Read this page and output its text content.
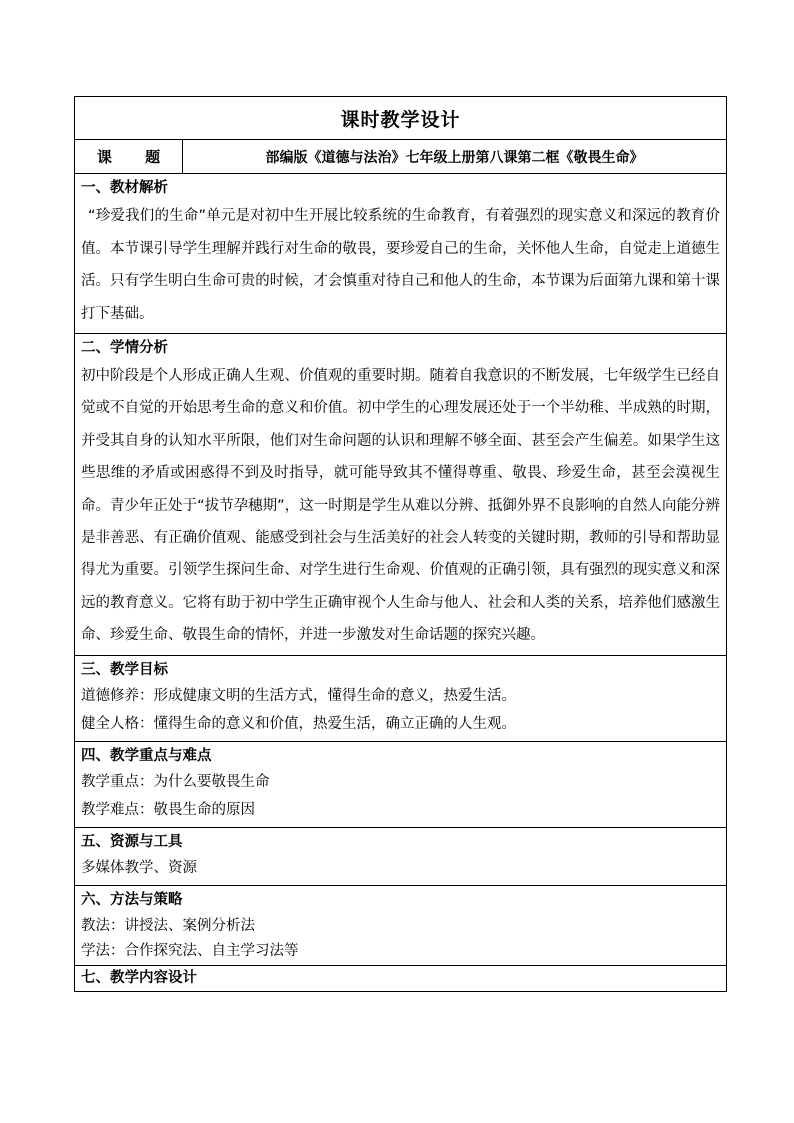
课时教学设计
课 题	部编版《道德与法治》七年级上册第八课第二框《敬畏生命》
一、教材解析

“珍爱我们的生命”单元是对初中生开展比较系统的生命教育，有着强烈的现实意义和深远的教育价值。本节课引导学生理解并践行对生命的敬畏，要珍爱自己的生命，关怀他人生命，自觉走上道德生活。只有学生明白生命可贵的时候，才会慎重对待自己和他人的生命，本节课为后面第九课和第十课打下基础。

二、学情分析

初中阶段是个人形成正确人生观、价值观的重要时期。随着自我意识的不断发展，七年级学生已经自觉或不自觉的开始思考生命的意义和价值。初中学生的心理发展还处于一个半幼稚、半成熟的时期，并受其自身的认知水平所限，他们对生命问题的认识和理解不够全面、甚至会产生偏差。如果学生这些思维的矛盾或困惑得不到及时指导，就可能导致其不懂得尊重、敬畏、珍爱生命，甚至会漠视生命。青少年正处于“拔节孕穗期”，这一时期是学生从难以分辨、抵御外界不良影响的自然人向能分辨是非善恶、有正确价值观、能感受到社会与生活美好的社会人转变的关键时期，教师的引导和帮助显得尤为重要。引领学生探问生命、对学生进行生命观、价值观的正确引领，具有强烈的现实意义和深远的教育意义。它将有助于初中学生正确审视个人生命与他人、社会和人类的关系，培养他们感激生命、珍爱生命、敬畏生命的情怀，并进一步激发对生命话题的探究兴趣。

三、教学目标

道德修养：形成健康文明的生活方式，懂得生命的意义，热爱生活。

健全人格：懂得生命的意义和价值，热爱生活，确立正确的人生观。

四、教学重点与难点

教学重点：为什么要敬畏生命

教学难点：敬畏生命的原因

五、资源与工具

多媒体教学、资源

六、方法与策略

教法：讲授法、案例分析法

学法：合作探究法、自主学习法等

七、教学内容设计
